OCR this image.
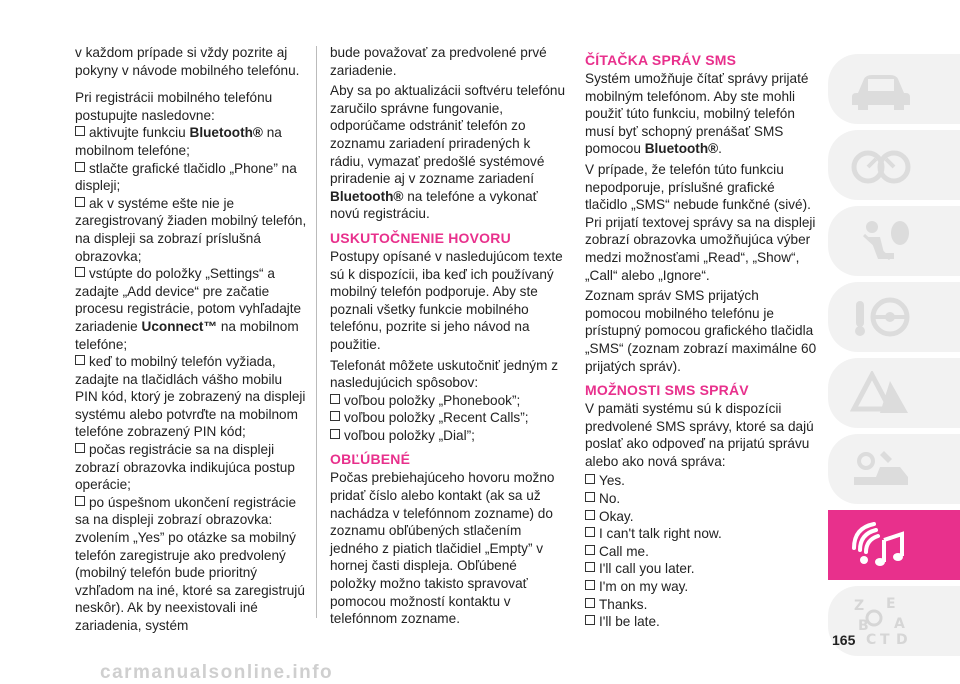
v každom prípade si vždy pozrite aj pokyny v návode mobilného telefónu.

Pri registrácii mobilného telefónu postupujte nasledovne:

aktivujte funkciu Bluetooth® na mobilnom telefóne;

stlačte grafické tlačidlo „Phone” na displeji;

ak v systéme ešte nie je zaregistrovaný žiaden mobilný telefón, na displeji sa zobrazí príslušná obrazovka;

vstúpte do položky „Settings“ a zadajte „Add device“ pre začatie procesu registrácie, potom vyhľadajte zariadenie Uconnect™ na mobilnom telefóne;

keď to mobilný telefón vyžiada, zadajte na tlačidlách vášho mobilu PIN kód, ktorý je zobrazený na displeji systému alebo potvrďte na mobilnom telefóne zobrazený PIN kód;

počas registrácie sa na displeji zobrazí obrazovka indikujúca postup operácie;

po úspešnom ukončení registrácie sa na displeji zobrazí obrazovka: zvolením „Yes” po otázke sa mobilný telefón zaregistruje ako predvolený (mobilný telefón bude prioritný vzhľadom na iné, ktoré sa zaregistrujú neskôr). Ak by neexistovali iné zariadenia, systém

bude považovať za predvolené prvé zariadenie.

Aby sa po aktualizácii softvéru telefónu zaručilo správne fungovanie, odporúčame odstrániť telefón zo zoznamu zariadení priradených k rádiu, vymazať predošlé systémové priradenie aj v zozname zariadení Bluetooth® na telefóne a vykonať novú registráciu.

USKUTOČNENIE HOVORU

Postupy opísané v nasledujúcom texte sú k dispozícii, iba keď ich používaný mobilný telefón podporuje. Aby ste poznali všetky funkcie mobilného telefónu, pozrite si jeho návod na použitie.

Telefonát môžete uskutočniť jedným z nasledujúcich spôsobov:

voľbou položky „Phonebook”;

voľbou položky „Recent Calls”;

voľbou položky „Dial”;

OBĽÚBENÉ

Počas prebiehajúceho hovoru možno pridať číslo alebo kontakt (ak sa už nachádza v telefónnom zozname) do zoznamu obľúbených stlačením jedného z piatich tlačidiel „Empty” v hornej časti displeja. Obľúbené položky možno takisto spravovať pomocou možností kontaktu v telefónnom zozname.

ČÍTAČKA SPRÁV SMS

Systém umožňuje čítať správy prijaté mobilným telefónom. Aby ste mohli použiť túto funkciu, mobilný telefón musí byť schopný prenášať SMS pomocou Bluetooth®.

V prípade, že telefón túto funkciu nepodporuje, príslušné grafické tlačidlo „SMS“ nebude funkčné (sivé). Pri prijatí textovej správy sa na displeji zobrazí obrazovka umožňujúca výber medzi možnosťami „Read“, „Show“, „Call“ alebo „Ignore“.

Zoznam správ SMS prijatých pomocou mobilného telefónu je prístupný pomocou grafického tlačidla „SMS“ (zoznam zobrazí maximálne 60 prijatých správ).

MOŽNOSTI SMS SPRÁV

V pamäti systému sú k dispozícii predvolené SMS správy, ktoré sa dajú poslať ako odpoveď na prijatú správu alebo ako nová správa:

Yes.

No.

Okay.

I can't talk right now.

Call me.

I'll call you later.

I'm on my way.

Thanks.

I'll be late.

Z E
B A
C T D
165
carmanualsonline.info
